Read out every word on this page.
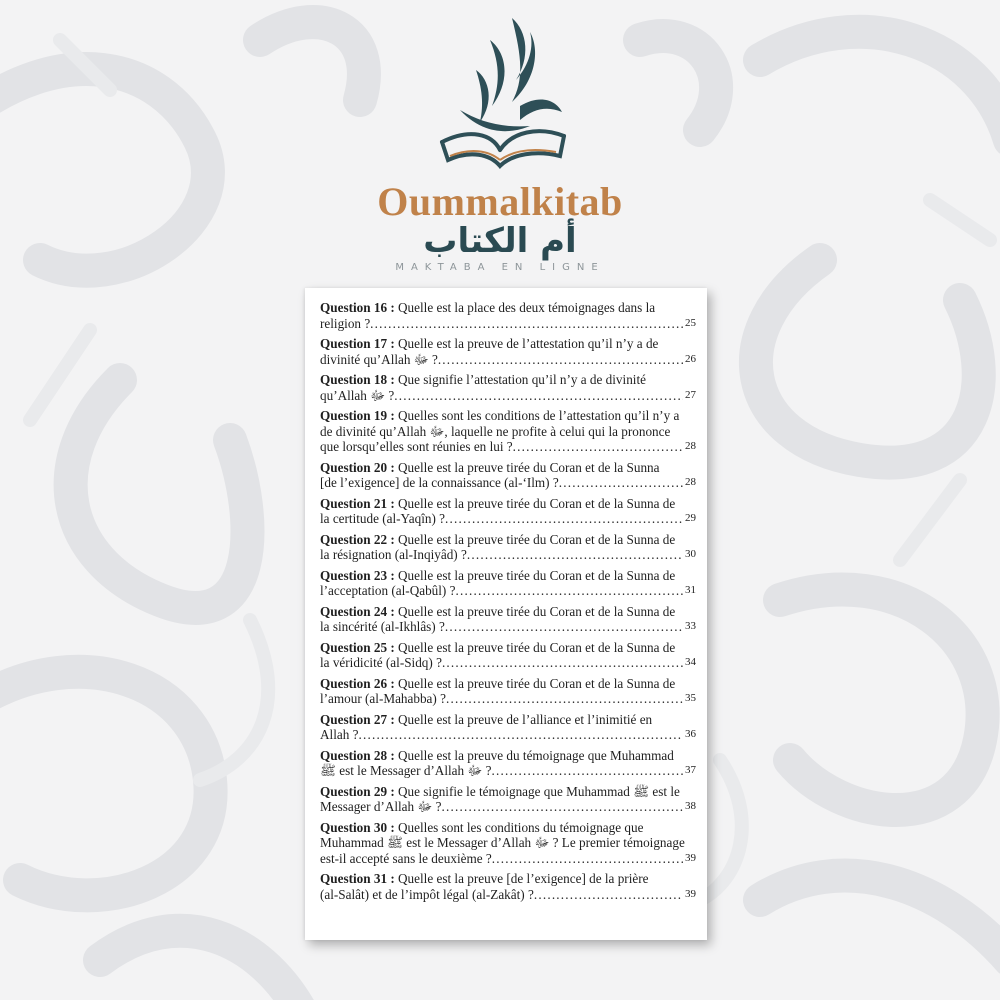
Oummalkitab
أم الكتاب
MAKTABA EN LIGNE
Question 16 : Quelle est la place des deux témoignages dans la
religion ? .....	25
Question 17 : Quelle est la preuve de l’attestation qu’il n’y a de
divinité qu’Allah ﷻ ? .....	26
Question 18 : Que signifie l’attestation qu’il n’y a de divinité
qu’Allah ﷻ ? .....	27
Question 19 : Quelles sont les conditions de l’attestation qu’il n’y a
de divinité qu’Allah ﷻ, laquelle ne profite à celui qui la prononce
que lorsqu’elles sont réunies en lui ? .....	28
Question 20 : Quelle est la preuve tirée du Coran et de la Sunna
[de l’exigence] de la connaissance (al-‘Ilm) ? .....	28
Question 21 : Quelle est la preuve tirée du Coran et de la Sunna de
la certitude (al-Yaqîn) ? .....	29
Question 22 : Quelle est la preuve tirée du Coran et de la Sunna de
la résignation (al-Inqiyâd) ? .....	30
Question 23 : Quelle est la preuve tirée du Coran et de la Sunna de
l’acceptation (al-Qabûl) ? .....	31
Question 24 : Quelle est la preuve tirée du Coran et de la Sunna de
la sincérité (al-Ikhlâs) ? .....	33
Question 25 : Quelle est la preuve tirée du Coran et de la Sunna de
la véridicité (al-Sidq) ? .....	34
Question 26 : Quelle est la preuve tirée du Coran et de la Sunna de
l’amour (al-Mahabba) ? .....	35
Question 27 : Quelle est la preuve de l’alliance et l’inimitié en
Allah ? .....	36
Question 28 : Quelle est la preuve du témoignage que Muhammad
ﷺ est le Messager d’Allah ﷻ ? .....	37
Question 29 : Que signifie le témoignage que Muhammad ﷺ est le
Messager d’Allah ﷻ ? .....	38
Question 30 : Quelles sont les conditions du témoignage que
Muhammad ﷺ est le Messager d’Allah ﷻ ? Le premier témoignage
est-il accepté sans le deuxième ? .....	39
Question 31 : Quelle est la preuve [de l’exigence] de la prière
(al-Salât) et de l’impôt légal (al-Zakât) ? .....	39
